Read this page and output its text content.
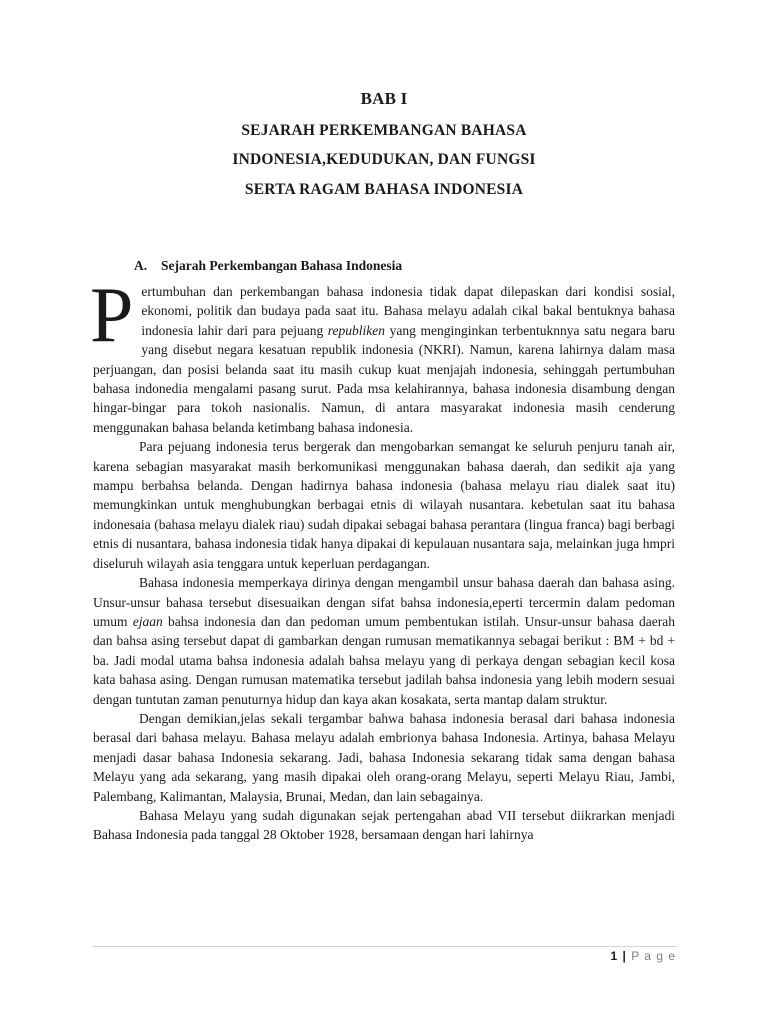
BAB I
SEJARAH PERKEMBANGAN BAHASA
INDONESIA,KEDUDUKAN, DAN FUNGSI
SERTA RAGAM BAHASA INDONESIA
A. Sejarah Perkembangan Bahasa Indonesia

Pertumbuhan dan perkembangan bahasa indonesia tidak dapat dilepaskan dari kondisi sosial, ekonomi, politik dan budaya pada saat itu. Bahasa melayu adalah cikal bakal bentuknya bahasa indonesia lahir dari para pejuang republiken yang menginginkan terbentuknnya satu negara baru yang disebut negara kesatuan republik indonesia (NKRI). Namun, karena lahirnya dalam masa perjuangan, dan posisi belanda saat itu masih cukup kuat menjajah indonesia, sehinggah pertumbuhan bahasa indonedia mengalami pasang surut. Pada msa kelahirannya, bahasa indonesia disambung dengan hingar-bingar para tokoh nasionalis. Namun, di antara masyarakat indonesia masih cenderung menggunakan bahasa belanda ketimbang bahasa indonesia.

Para pejuang indonesia terus bergerak dan mengobarkan semangat ke seluruh penjuru tanah air, karena sebagian masyarakat masih berkomunikasi menggunakan bahasa daerah, dan sedikit aja yang mampu berbahsa belanda. Dengan hadirnya bahasa indonesia (bahasa melayu riau dialek saat itu) memungkinkan untuk menghubungkan berbagai etnis di wilayah nusantara. kebetulan saat itu bahasa indonesaia (bahasa melayu dialek riau) sudah dipakai sebagai bahasa perantara (lingua franca) bagi berbagi etnis di nusantara, bahasa indonesia tidak hanya dipakai di kepulauan nusantara saja, melainkan juga hmpri diseluruh wilayah asia tenggara untuk keperluan perdagangan.

Bahasa indonesia memperkaya dirinya dengan mengambil unsur bahasa daerah dan bahasa asing. Unsur-unsur bahasa tersebut disesuaikan dengan sifat bahsa indonesia,eperti tercermin dalam pedoman umum ejaan bahsa indonesia dan dan pedoman umum pembentukan istilah. Unsur-unsur bahasa daerah dan bahsa asing tersebut dapat di gambarkan dengan rumusan mematikannya sebagai berikut : BM + bd + ba. Jadi modal utama bahsa indonesia adalah bahsa melayu yang di perkaya dengan sebagian kecil kosa kata bahasa asing. Dengan rumusan matematika tersebut jadilah bahsa indonesia yang lebih modern sesuai dengan tuntutan zaman penuturnya hidup dan kaya akan kosakata, serta mantap dalam struktur.

Dengan demikian,jelas sekali tergambar bahwa bahasa indonesia berasal dari bahasa indonesia berasal dari bahasa melayu. Bahasa melayu adalah embrionya bahasa Indonesia. Artinya, bahasa Melayu menjadi dasar bahasa Indonesia sekarang. Jadi, bahasa Indonesia sekarang tidak sama dengan bahasa Melayu yang ada sekarang, yang masih dipakai oleh orang-orang Melayu, seperti Melayu Riau, Jambi, Palembang, Kalimantan, Malaysia, Brunai, Medan, dan lain sebagainya.

Bahasa Melayu yang sudah digunakan sejak pertengahan abad VII tersebut diikrarkan menjadi Bahasa Indonesia pada tanggal 28 Oktober 1928, bersamaan dengan hari lahirnya

1 | P a g e
